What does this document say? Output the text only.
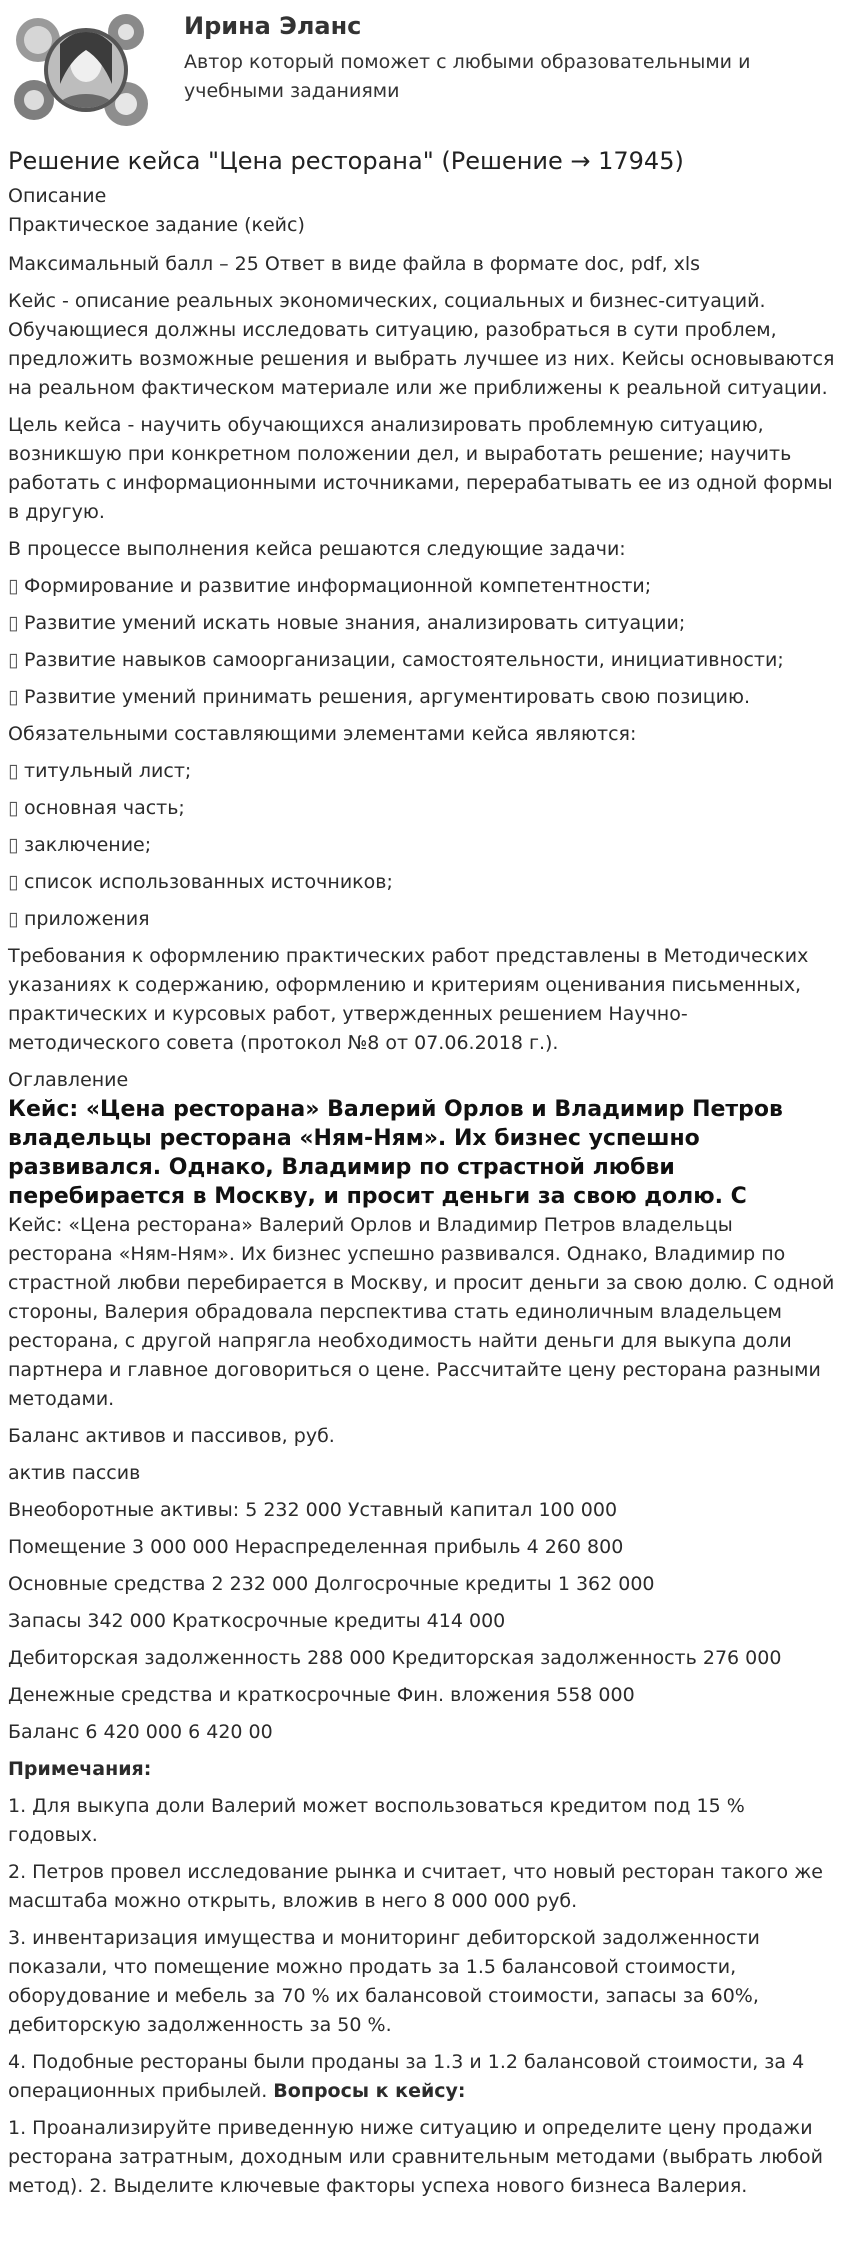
Ирина Эланс
Автор который поможет с любыми образовательными и учебными заданиями
Решение кейса "Цена ресторана" (Решение → 17945)

Описание

Практическое задание (кейс)

Максимальный балл – 25 Ответ в виде файла в формате doc, pdf, xls

Кейс - описание реальных экономических, социальных и бизнес-ситуаций. Обучающиеся должны исследовать ситуацию, разобраться в сути проблем, предложить возможные решения и выбрать лучшее из них. Кейсы основываются на реальном фактическом материале или же приближены к реальной ситуации.

Цель кейса - научить обучающихся анализировать проблемную ситуацию, возникшую при конкретном положении дел, и выработать решение; научить работать с информационными источниками, перерабатывать ее из одной формы в другую.

В процессе выполнения кейса решаются следующие задачи:

▯ Формирование и развитие информационной компетентности;

▯ Развитие умений искать новые знания, анализировать ситуации;

▯ Развитие навыков самоорганизации, самостоятельности, инициативности;

▯ Развитие умений принимать решения, аргументировать свою позицию.

Обязательными составляющими элементами кейса являются:

▯ титульный лист;

▯ основная часть;

▯ заключение;

▯ список использованных источников;

▯ приложения

Требования к оформлению практических работ представлены в Методических указаниях к содержанию, оформлению и критериям оценивания письменных, практических и курсовых работ, утвержденных решением Научно-методического совета (протокол №8 от 07.06.2018 г.).

Оглавление

Кейс: «Цена ресторана» Валерий Орлов и Владимир Петров владельцы ресторана «Ням-Ням». Их бизнес успешно развивался. Однако, Владимир по страстной любви перебирается в Москву, и просит деньги за свою долю. С

Кейс: «Цена ресторана» Валерий Орлов и Владимир Петров владельцы ресторана «Ням-Ням». Их бизнес успешно развивался. Однако, Владимир по страстной любви перебирается в Москву, и просит деньги за свою долю. С одной стороны, Валерия обрадовала перспектива стать единоличным владельцем ресторана, с другой напрягла необходимость найти деньги для выкупа доли партнера и главное договориться о цене. Рассчитайте цену ресторана разными методами.

Баланс активов и пассивов, руб.

актив пассив

Внеоборотные активы: 5 232 000 Уставный капитал 100 000

Помещение 3 000 000 Нераспределенная прибыль 4 260 800

Основные средства 2 232 000 Долгосрочные кредиты 1 362 000

Запасы 342 000 Краткосрочные кредиты 414 000

Дебиторская задолженность 288 000 Кредиторская задолженность 276 000

Денежные средства и краткосрочные Фин. вложения 558 000

Баланс 6 420 000 6 420 00

Примечания:

1. Для выкупа доли Валерий может воспользоваться кредитом под 15 % годовых.

2. Петров провел исследование рынка и считает, что новый ресторан такого же масштаба можно открыть, вложив в него 8 000 000 руб.

3. инвентаризация имущества и мониторинг дебиторской задолженности показали, что помещение можно продать за 1.5 балансовой стоимости, оборудование и мебель за 70 % их балансовой стоимости, запасы за 60%, дебиторскую задолженность за 50 %.

4. Подобные рестораны были проданы за 1.3 и 1.2 балансовой стоимости, за 4 операционных прибылей. Вопросы к кейсу:

1. Проанализируйте приведенную ниже ситуацию и определите цену продажи ресторана затратным, доходным или сравнительным методами (выбрать любой метод). 2. Выделите ключевые факторы успеха нового бизнеса Валерия.
